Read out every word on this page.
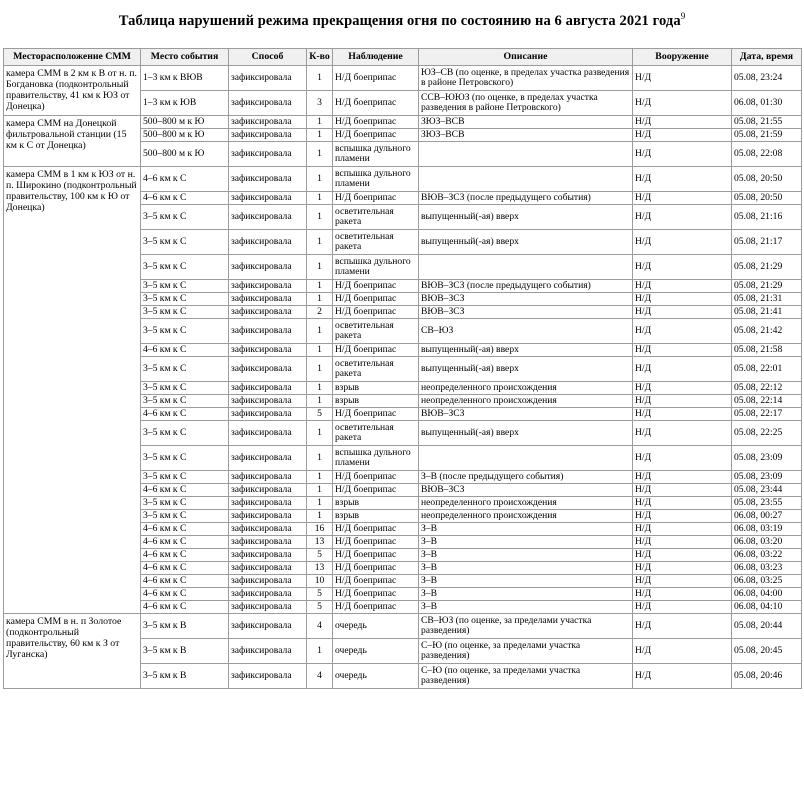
Таблица нарушений режима прекращения огня по состоянию на 6 августа 2021 года$^9$
Месторасположение СММ	Место события	Способ	К-во	Наблюдение	Описание	Вооружение	Дата, время
камера СММ в 2 км к В от н. п. Богдановка (подконтрольный правительству, 41 км к ЮЗ от Донецка)	1–3 км к ВЮВ	зафиксировала	1	Н/Д боеприпас	ЮЗ–СВ (по оценке, в пределах участка разведения в районе Петровского)	Н/Д	05.08, 23:24
	1–3 км к ЮВ	зафиксировала	3	Н/Д боеприпас	ССВ–ЮЮЗ (по оценке, в пределах участка разведения в районе Петровского)	Н/Д	06.08, 01:30
камера СММ на Донецкой фильтровальной станции (15 км к С от Донецка)	500–800 м к Ю	зафиксировала	1	Н/Д боеприпас	ЗЮЗ–ВСВ	Н/Д	05.08, 21:55
	500–800 м к Ю	зафиксировала	1	Н/Д боеприпас	ЗЮЗ–ВСВ	Н/Д	05.08, 21:59
	500–800 м к Ю	зафиксировала	1	вспышка дульного пламени		Н/Д	05.08, 22:08
камера СММ в 1 км к ЮЗ от н. п. Широкино (подконтрольный правительству, 100 км к Ю от Донецка)	4–6 км к С	зафиксировала	1	вспышка дульного пламени		Н/Д	05.08, 20:50
	4–6 км к С	зафиксировала	1	Н/Д боеприпас	ВЮВ–ЗСЗ (после предыдущего события)	Н/Д	05.08, 20:50
	3–5 км к С	зафиксировала	1	осветительная ракета	выпущенный(-ая) вверх	Н/Д	05.08, 21:16
	3–5 км к С	зафиксировала	1	осветительная ракета	выпущенный(-ая) вверх	Н/Д	05.08, 21:17
	3–5 км к С	зафиксировала	1	вспышка дульного пламени		Н/Д	05.08, 21:29
	3–5 км к С	зафиксировала	1	Н/Д боеприпас	ВЮВ–ЗСЗ (после предыдущего события)	Н/Д	05.08, 21:29
	3–5 км к С	зафиксировала	1	Н/Д боеприпас	ВЮВ–ЗСЗ	Н/Д	05.08, 21:31
	3–5 км к С	зафиксировала	2	Н/Д боеприпас	ВЮВ–ЗСЗ	Н/Д	05.08, 21:41
	3–5 км к С	зафиксировала	1	осветительная ракета	СВ–ЮЗ	Н/Д	05.08, 21:42
	4–6 км к С	зафиксировала	1	Н/Д боеприпас	выпущенный(-ая) вверх	Н/Д	05.08, 21:58
	3–5 км к С	зафиксировала	1	осветительная ракета	выпущенный(-ая) вверх	Н/Д	05.08, 22:01
	3–5 км к С	зафиксировала	1	взрыв	неопределенного происхождения	Н/Д	05.08, 22:12
	3–5 км к С	зафиксировала	1	взрыв	неопределенного происхождения	Н/Д	05.08, 22:14
	4–6 км к С	зафиксировала	5	Н/Д боеприпас	ВЮВ–ЗСЗ	Н/Д	05.08, 22:17
	3–5 км к С	зафиксировала	1	осветительная ракета	выпущенный(-ая) вверх	Н/Д	05.08, 22:25
	3–5 км к С	зафиксировала	1	вспышка дульного пламени		Н/Д	05.08, 23:09
	3–5 км к С	зафиксировала	1	Н/Д боеприпас	З–В (после предыдущего события)	Н/Д	05.08, 23:09
	4–6 км к С	зафиксировала	1	Н/Д боеприпас	ВЮВ–ЗСЗ	Н/Д	05.08, 23:44
	3–5 км к С	зафиксировала	1	взрыв	неопределенного происхождения	Н/Д	05.08, 23:55
	3–5 км к С	зафиксировала	1	взрыв	неопределенного происхождения	Н/Д	06.08, 00:27
	4–6 км к С	зафиксировала	16	Н/Д боеприпас	З–В	Н/Д	06.08, 03:19
	4–6 км к С	зафиксировала	13	Н/Д боеприпас	З–В	Н/Д	06.08, 03:20
	4–6 км к С	зафиксировала	5	Н/Д боеприпас	З–В	Н/Д	06.08, 03:22
	4–6 км к С	зафиксировала	13	Н/Д боеприпас	З–В	Н/Д	06.08, 03:23
	4–6 км к С	зафиксировала	10	Н/Д боеприпас	З–В	Н/Д	06.08, 03:25
	4–6 км к С	зафиксировала	5	Н/Д боеприпас	З–В	Н/Д	06.08, 04:00
	4–6 км к С	зафиксировала	5	Н/Д боеприпас	З–В	Н/Д	06.08, 04:10
камера СММ в н. п Золотое (подконтрольный правительству, 60 км к З от Луганска)	3–5 км к В	зафиксировала	4	очередь	СВ–ЮЗ (по оценке, за пределами участка разведения)	Н/Д	05.08, 20:44
	3–5 км к В	зафиксировала	1	очередь	С–Ю (по оценке, за пределами участка разведения)	Н/Д	05.08, 20:45
	3–5 км к В	зафиксировала	4	очередь	С–Ю (по оценке, за пределами участка разведения)	Н/Д	05.08, 20:46
